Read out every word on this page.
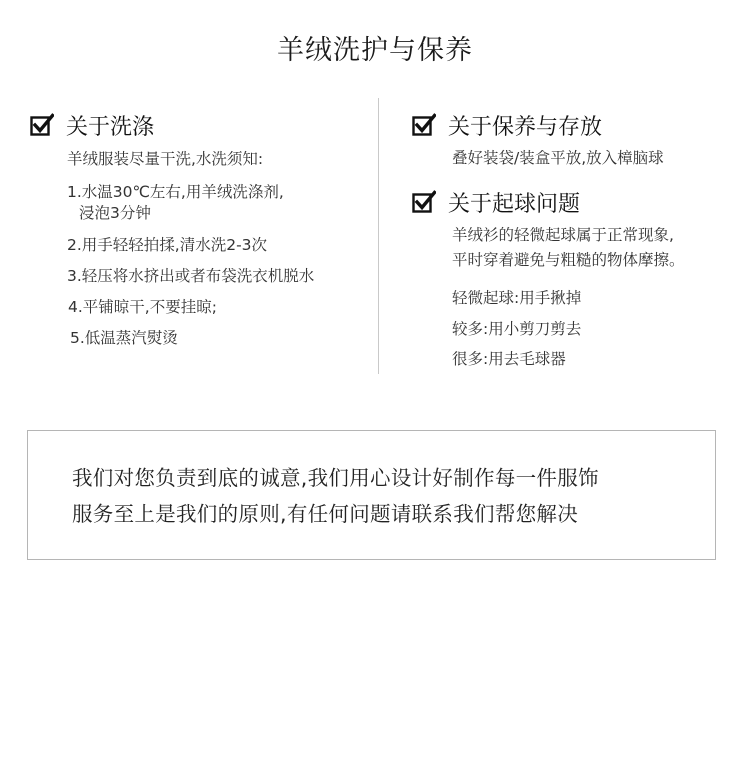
羊绒洗护与保养
关于洗涤
羊绒服装尽量干洗,水洗须知:
1.水温30℃左右,用羊绒洗涤剂,
浸泡3分钟
2.用手轻轻拍揉,清水洗2-3次
3.轻压将水挤出或者布袋洗衣机脱水
4.平铺晾干,不要挂晾;
5.低温蒸汽熨烫
关于保养与存放
叠好装袋/装盒平放,放入樟脑球
关于起球问题
羊绒衫的轻微起球属于正常现象,
平时穿着避免与粗糙的物体摩擦。
轻微起球:用手揪掉
较多:用小剪刀剪去
很多:用去毛球器
我们对您负责到底的诚意,我们用心设计好制作每一件服饰
服务至上是我们的原则,有任何问题请联系我们帮您解决
